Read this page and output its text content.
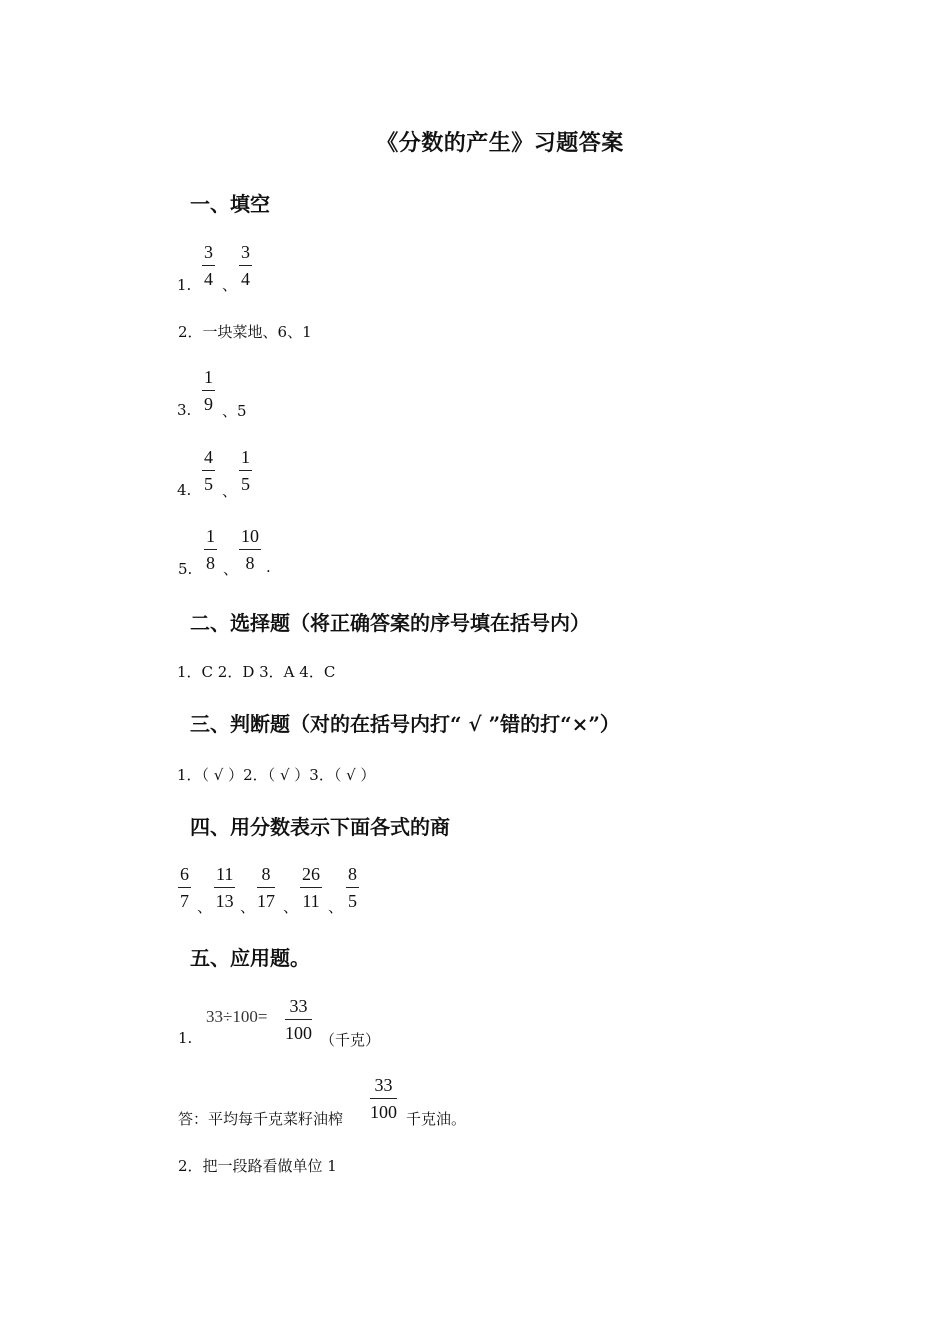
《分数的产生》习题答案
一、填空
1. $\frac{3}{4}$ 、 $\frac{3}{4}$
2．一块菜地、6、1
3. $\frac{1}{9}$ 、5
4. $\frac{4}{5}$ 、 $\frac{1}{5}$
5. $\frac{1}{8}$ 、 $\frac{10}{8}$ .
二、选择题（将正确答案的序号填在括号内）
1．C 2．D 3．A 4．C
三、判断题（对的在括号内打“ √ ”错的打“×”）
1．（ √ ）2．（ √ ）3．（ √ ）
四、用分数表示下面各式的商
$\frac{6}{7}$ 、 $\frac{11}{13}$ 、 $\frac{8}{17}$ 、 $\frac{26}{11}$ 、 $\frac{8}{5}$
五、应用题。
1.
$33\div 100= \frac{33}{100}$ （千克）
答：平均每千克菜籽油榨 $\frac{33}{100}$ 千克油。
2．把一段路看做单位 1
